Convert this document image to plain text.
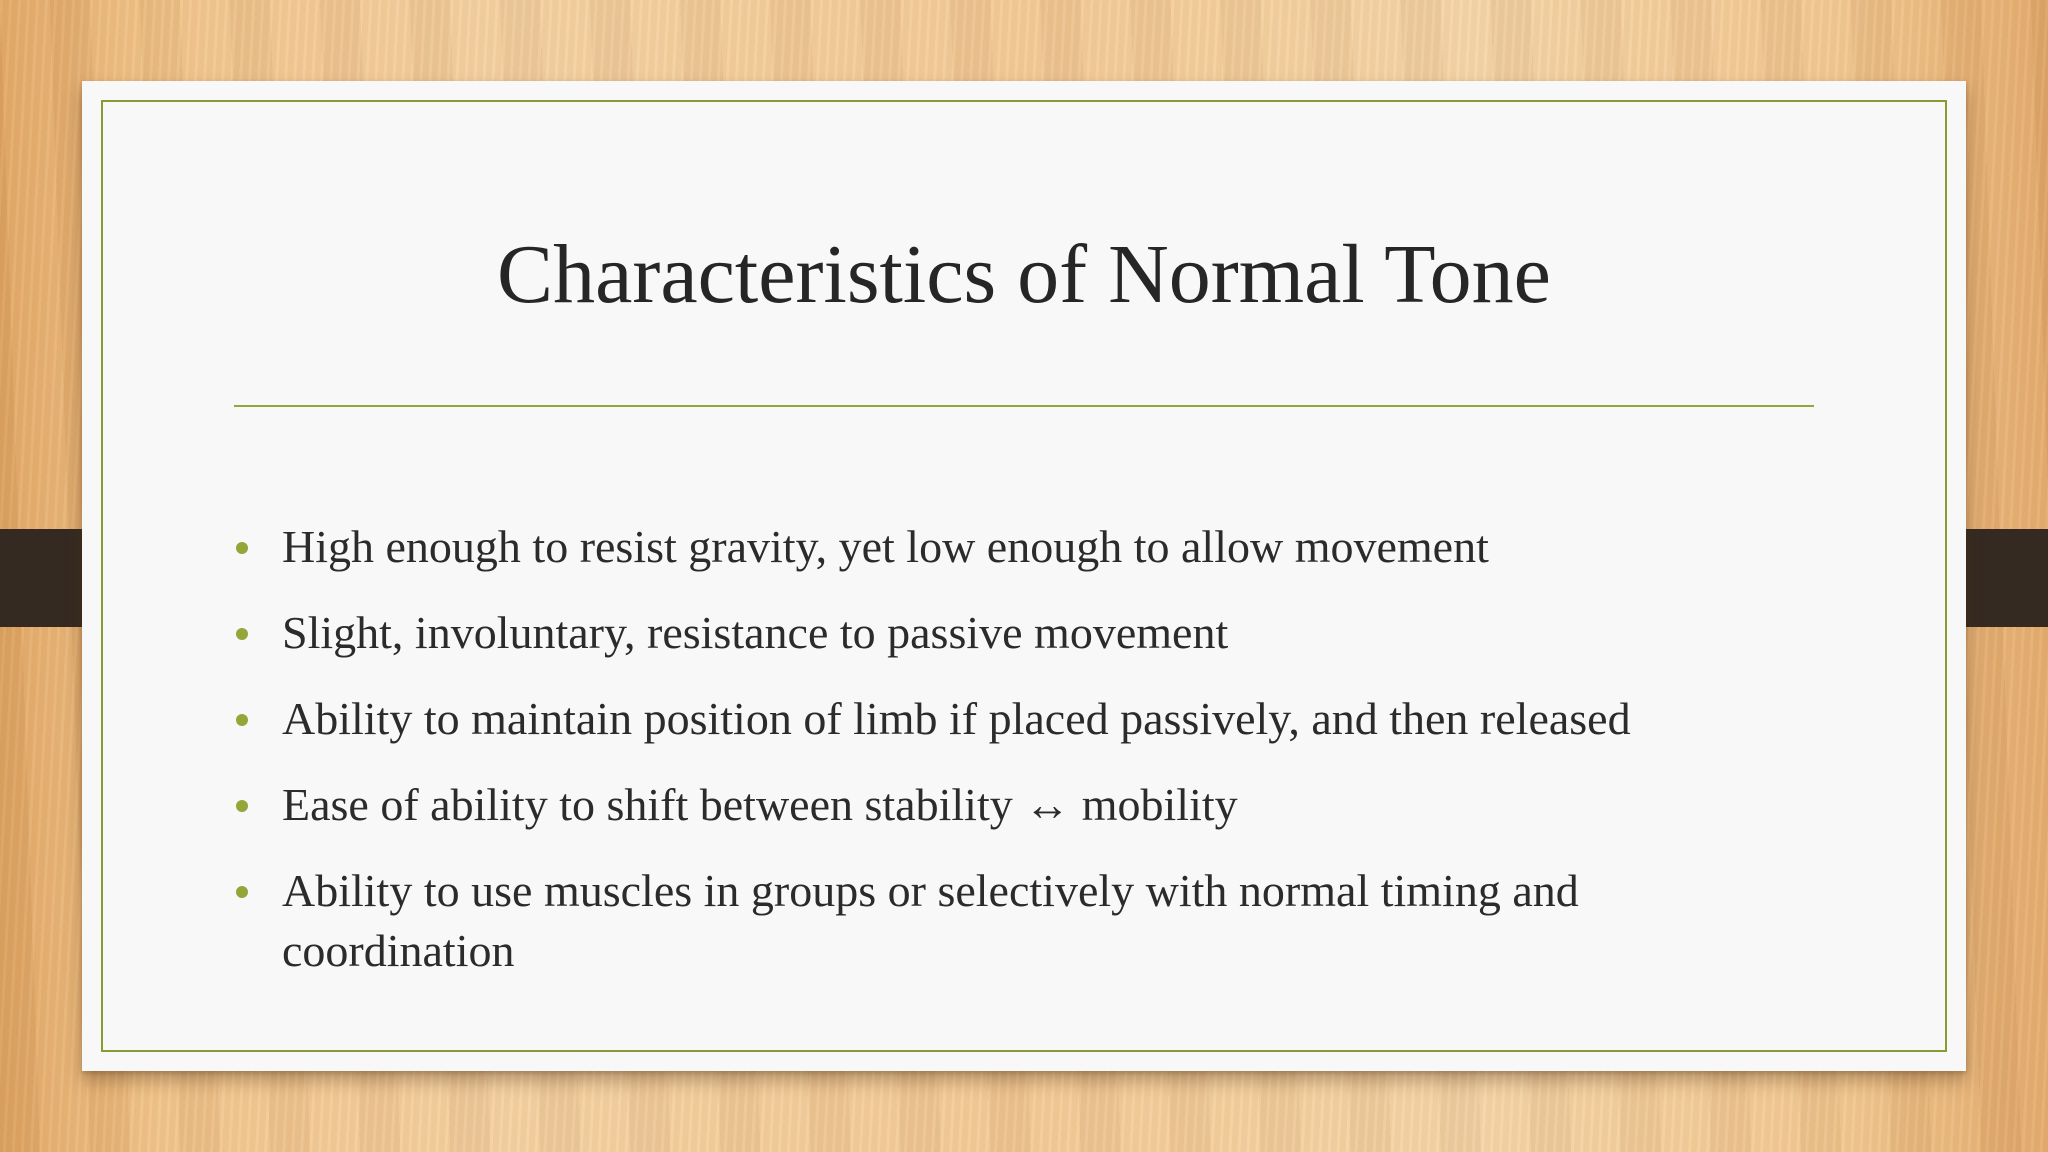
Characteristics of Normal Tone
High enough to resist gravity, yet low enough to allow movement
Slight, involuntary, resistance to passive movement
Ability to maintain position of limb if placed passively, and then released
Ease of ability to shift between stability ↔ mobility
Ability to use muscles in groups or selectively with normal timing and coordination
